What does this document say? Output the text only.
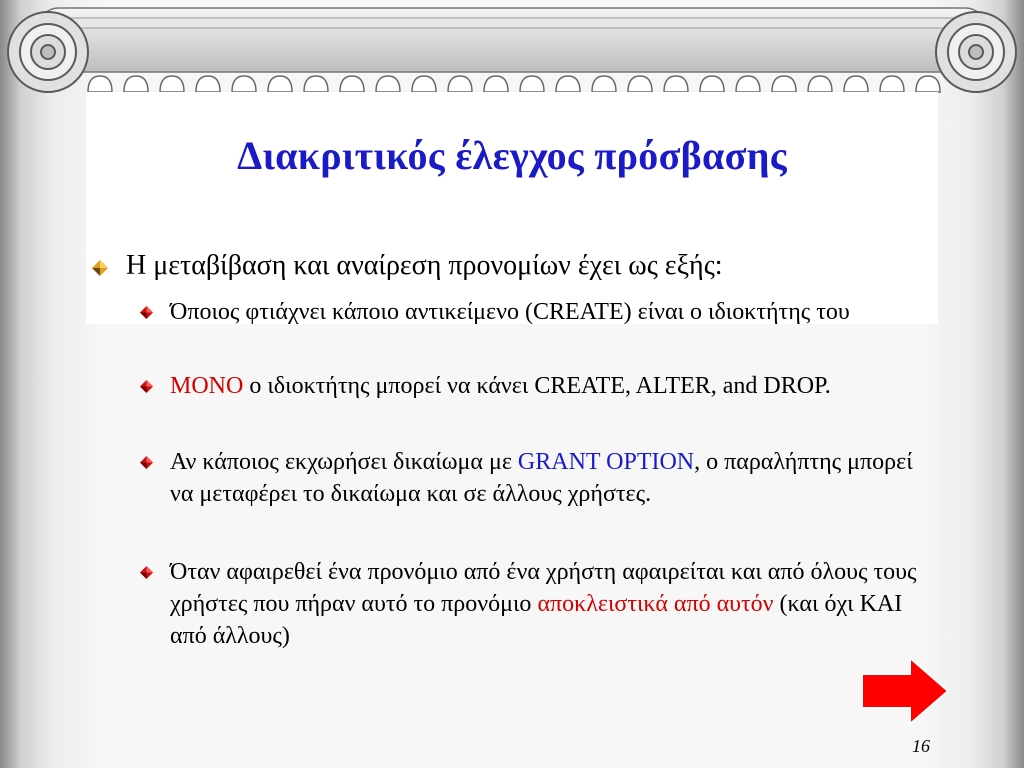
Διακριτικός έλεγχος πρόσβασης
Η μεταβίβαση και αναίρεση προνομίων έχει ως εξής:
Όποιος φτιάχνει κάποιο αντικείμενο (CREATE) είναι ο ιδιοκτήτης του
ΜΟΝΟ ο ιδιοκτήτης μπορεί να κάνει CREATE, ALTER, and DROP.
Αν κάποιος εκχωρήσει δικαίωμα με GRANT OPTION, ο παραλήπτης μπορεί να μεταφέρει το δικαίωμα και σε άλλους χρήστες.
Όταν αφαιρεθεί ένα προνόμιο από ένα χρήστη αφαιρείται και από όλους τους χρήστες που πήραν αυτό το προνόμιο αποκλειστικά από αυτόν (και όχι ΚΑΙ από άλλους)
16
